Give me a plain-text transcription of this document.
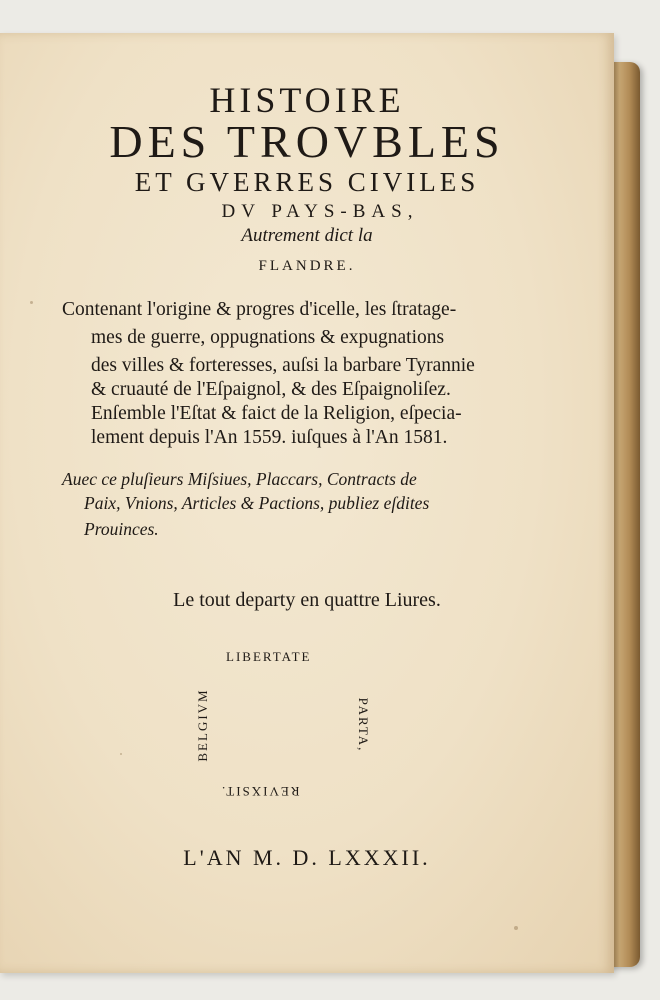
HISTOIRE
DES TROVBLES
ET GVERRES CIVILES
DV PAYS-BAS,
Autrement dict la
FLANDRE.
Contenant l'origine & progres d'icelle, les ſtratage-
mes de guerre, oppugnations & expugnations
des villes & forteresses, auſsi la barbare Tyrannie
& cruauté de l'Eſpaignol, & des Eſpaignoliſez.
Enſemble l'Eſtat & faict de la Religion, eſpecia-
lement depuis l'An 1559. iuſques à l'An 1581.
Auec ce pluſieurs Miſsiues, Placcars, Contracts de
Paix, Vnions, Articles & Pactions, publiez eſdites
Prouinces.
Le tout departy en quattre Liures.
LIBERTATE
PARTA,
REVIXSIT.
BELGIVM
L'AN M. D. LXXXII.
